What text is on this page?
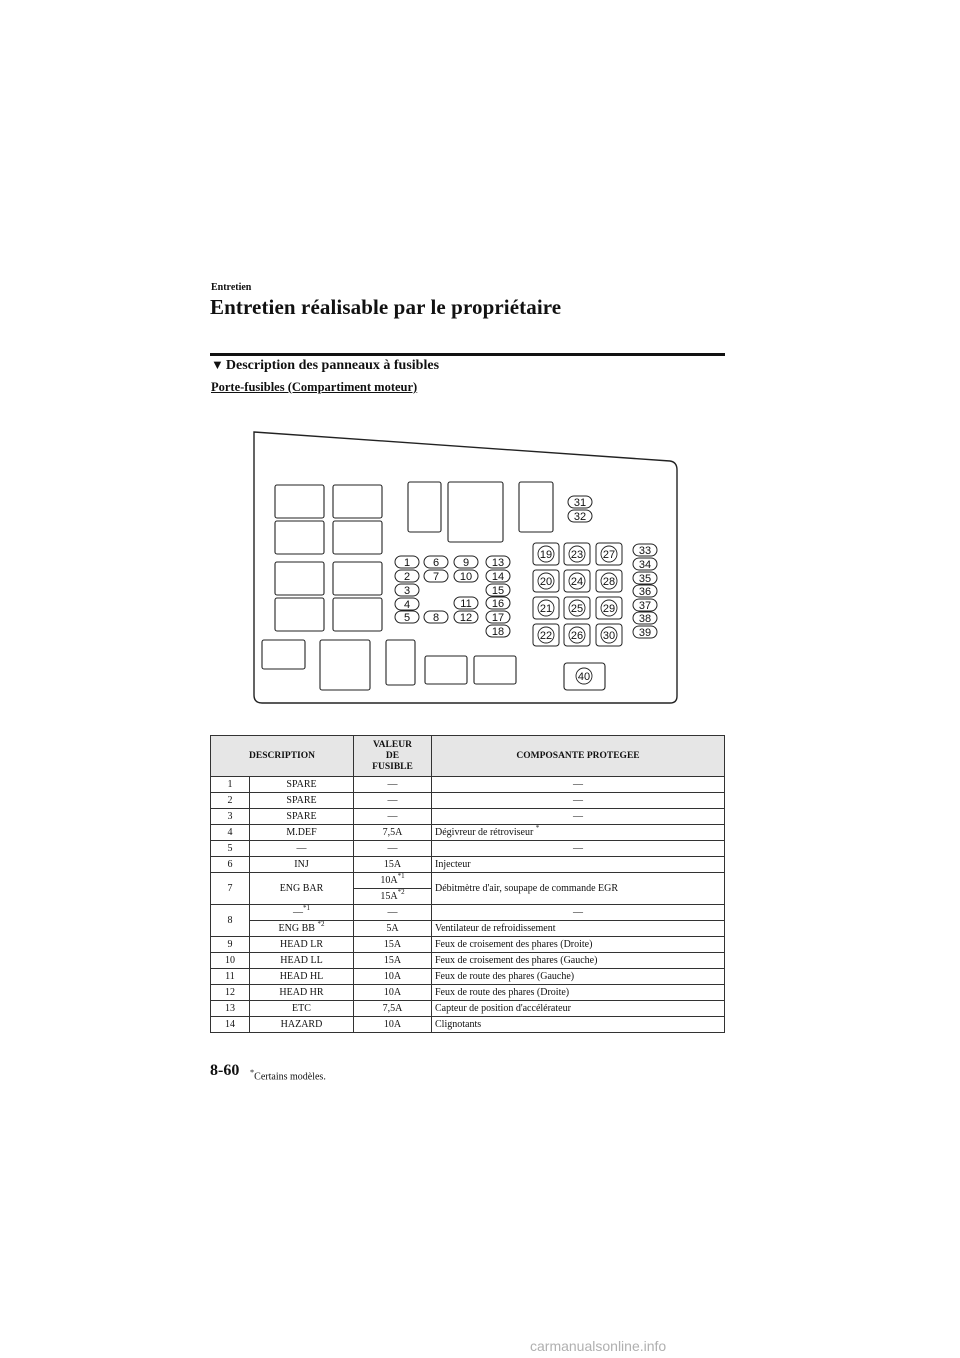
Entretien
Entretien réalisable par le propriétaire
▼ Description des panneaux à fusibles
Porte-fusibles (Compartiment moteur)
1
2
3
4
5
6
7
8
9
10
11
12
13
14
15
16
17
18
19
20
21
22
23
24
25
26
27
28
29
30
31
32
33
34
35
36
37
38
39
40
DESCRIPTION		VALEUR
DE
FUSIBLE	COMPOSANTE PROTEGEE
1	SPARE	—	—
2	SPARE	—	—
3	SPARE	—	—
4	M.DEF	7,5A	Dégivreur de rétroviseur *
5	—	—	—
6	INJ	15A	Injecteur
7	ENG BAR	$10A^{*1}$	Débitmètre d'air, soupape de commande EGR
		$15A^{*2}$
8	—$^{*1}$	—	—
	ENG BB $^{*2}$	5A	Ventilateur de refroidissement
9	HEAD LR	15A	Feux de croisement des phares (Droite)
10	HEAD LL	15A	Feux de croisement des phares (Gauche)
11	HEAD HL	10A	Feux de route des phares (Gauche)
12	HEAD HR	10A	Feux de route des phares (Droite)
13	ETC	7,5A	Capteur de position d'accélérateur
14	HAZARD	10A	Clignotants
8-60 *Certains modèles.
carmanualsonline.info
